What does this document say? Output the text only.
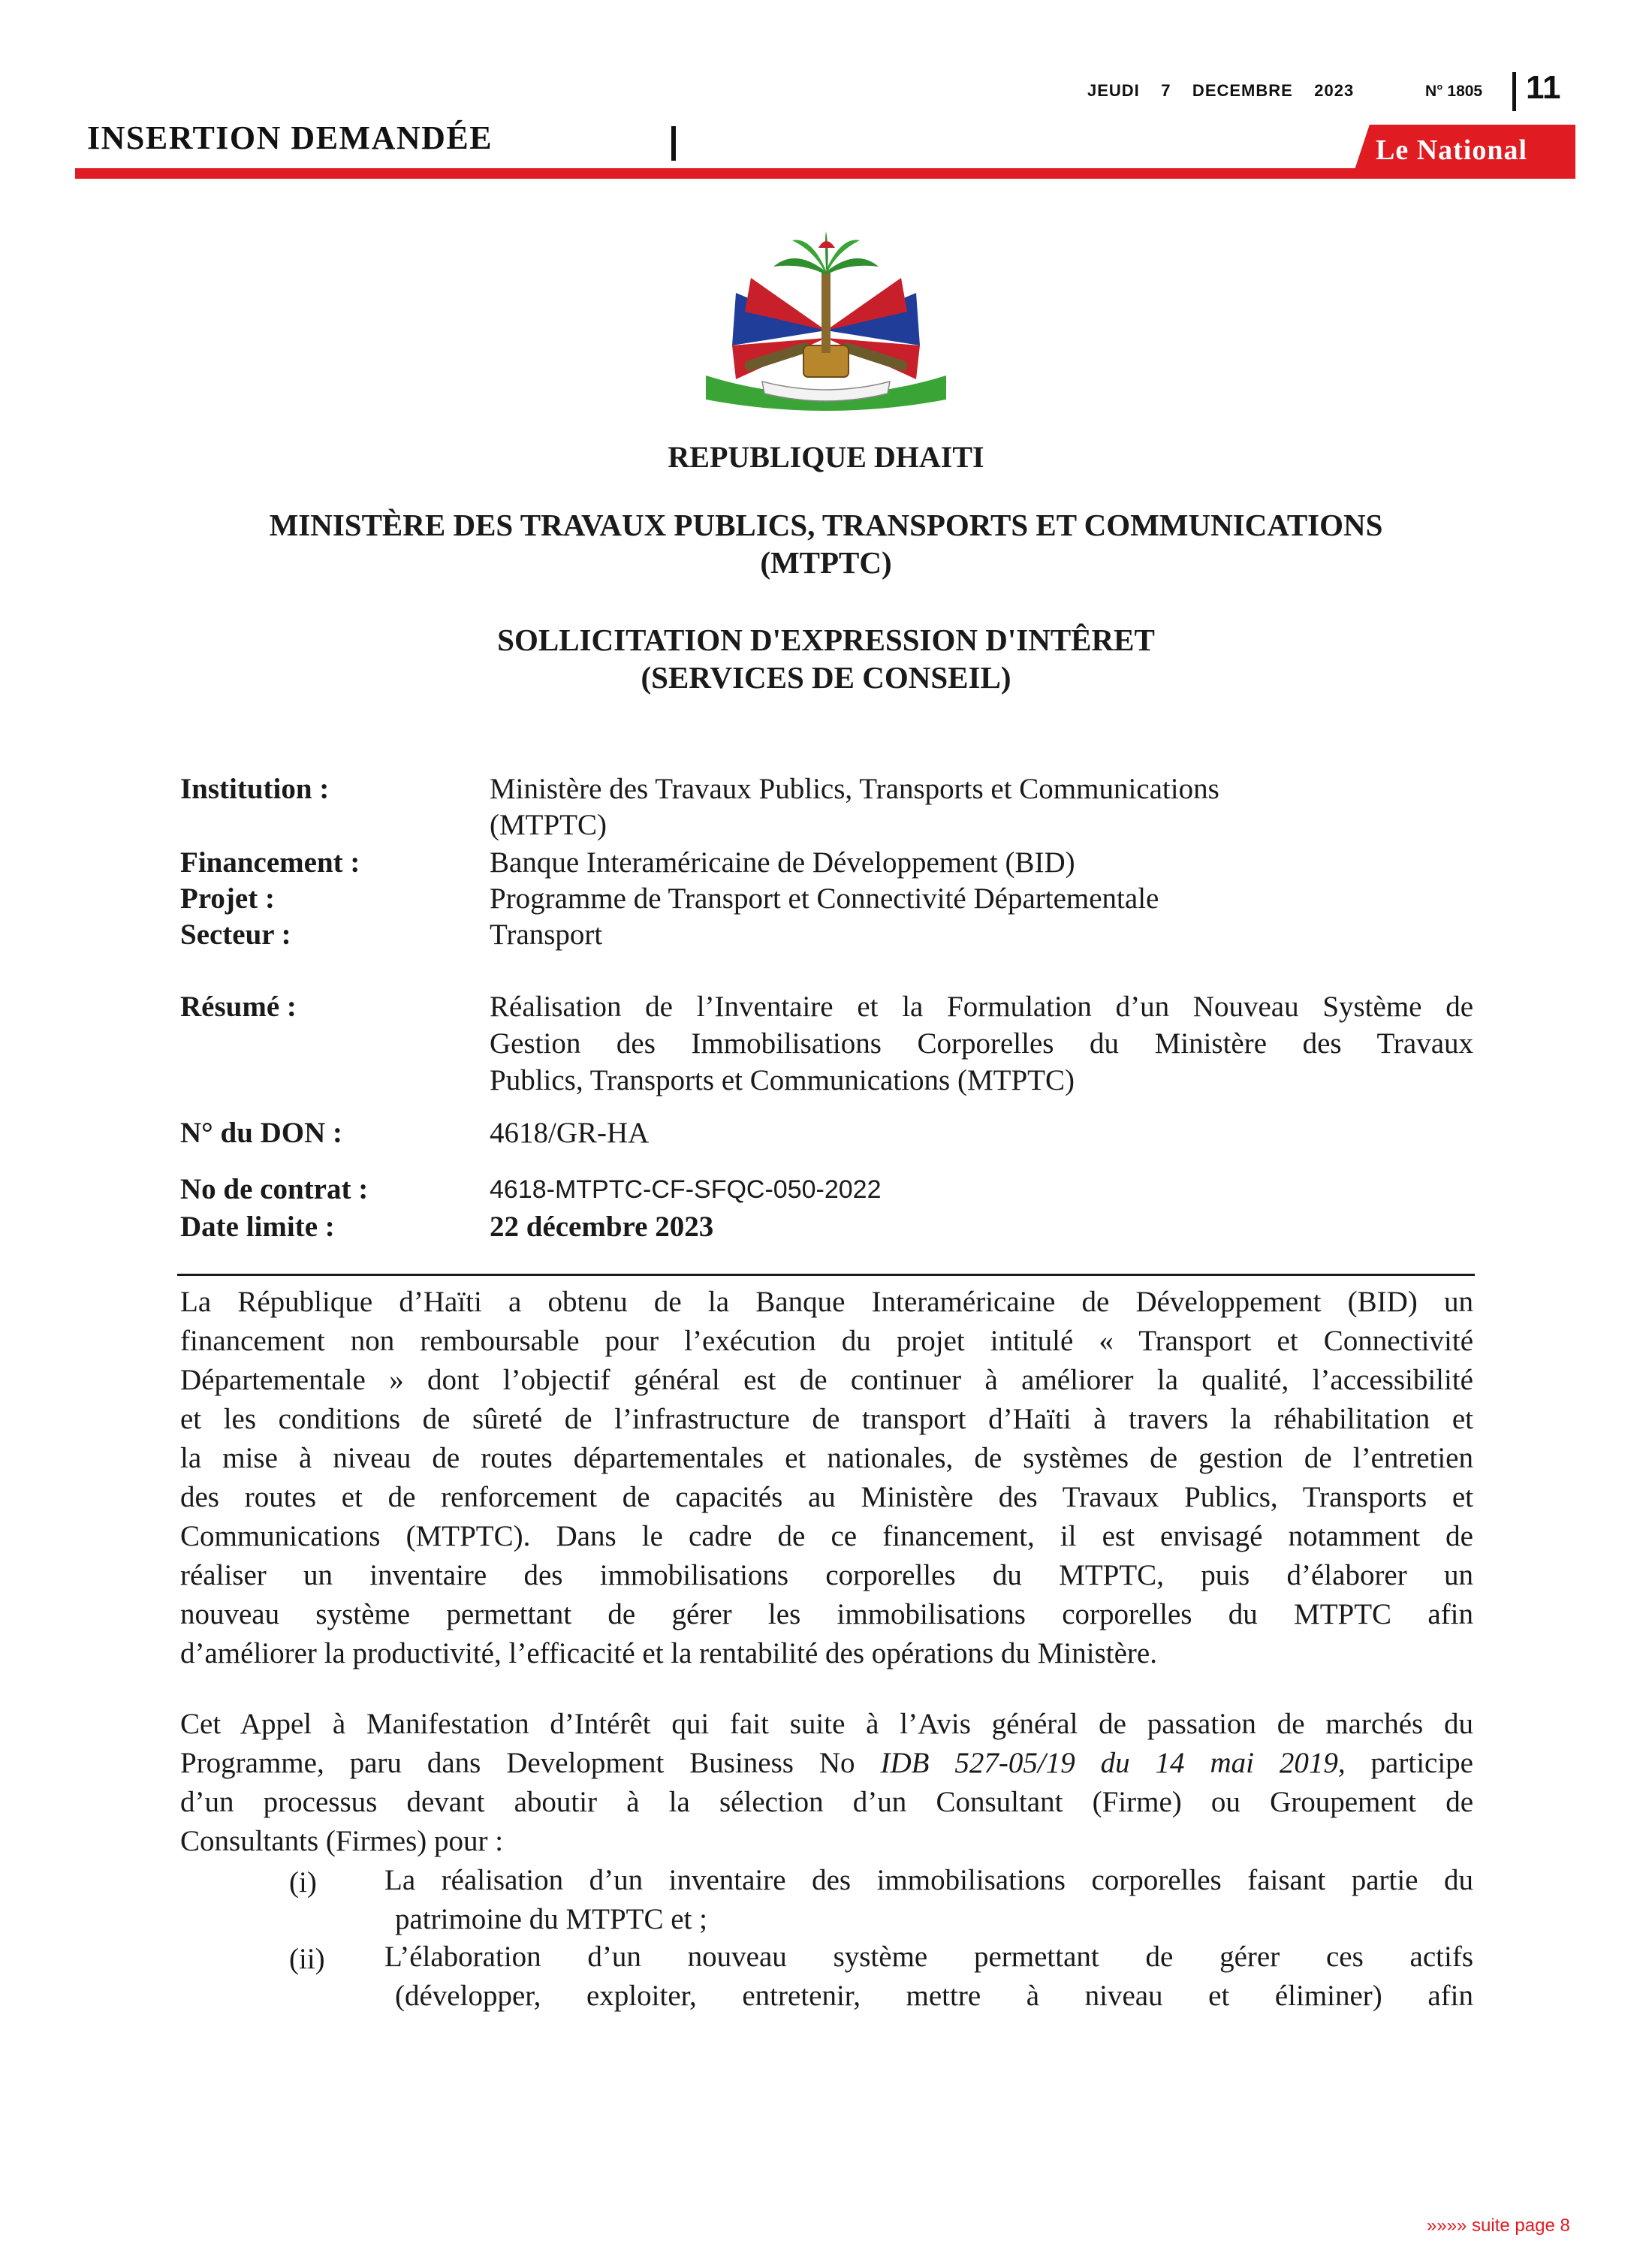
JEUDI    7    DECEMBRE    2023	N° 1805 11
INSERTION DEMANDÉE	Le National
REPUBLIQUE DHAITI
MINISTÈRE DES TRAVAUX PUBLICS, TRANSPORTS ET COMMUNICATIONS
(MTPTC)
SOLLICITATION D'EXPRESSION D'INTÊRET
(SERVICES DE CONSEIL)
Institution :	Ministère des Travaux Publics, Transports et Communications
(MTPTC)
Financement :	Banque Interaméricaine de Développement (BID)
Projet :	Programme de Transport et Connectivité Départementale
Secteur :	Transport
Résumé :	Réalisation de l’Inventaire et la Formulation d’un Nouveau Système de
Gestion des Immobilisations Corporelles du Ministère des Travaux
Publics, Transports et Communications (MTPTC)
N° du DON :	4618/GR-HA
No de contrat :	4618-MTPTC-CF-SFQC-050-2022
Date limite :	22 décembre 2023
La République d’Haïti a obtenu de la Banque Interaméricaine de Développement (BID) un
financement non remboursable pour l’exécution du projet intitulé « Transport et Connectivité
Départementale » dont l’objectif général est de continuer à améliorer la qualité, l’accessibilité
et les conditions de sûreté de l’infrastructure de transport d’Haïti à travers la réhabilitation et
la mise à niveau de routes départementales et nationales, de systèmes de gestion de l’entretien
des routes et de renforcement de capacités au Ministère des Travaux Publics, Transports et
Communications (MTPTC). Dans le cadre de ce financement, il est envisagé notamment de
réaliser un inventaire des immobilisations corporelles du MTPTC, puis d’élaborer un
nouveau système permettant de gérer les immobilisations corporelles du MTPTC afin
d’améliorer la productivité, l’efficacité et la rentabilité des opérations du Ministère.
Cet Appel à Manifestation d’Intérêt qui fait suite à l’Avis général de passation de marchés du
Programme, paru dans Development Business No IDB 527-05/19 du 14 mai 2019, participe
d’un processus devant aboutir à la sélection d’un Consultant (Firme) ou Groupement de
Consultants (Firmes) pour :
(i) La réalisation d’un inventaire des immobilisations corporelles faisant partie du
patrimoine du MTPTC et ;
(ii) L’élaboration d’un nouveau système permettant de gérer ces actifs
(développer, exploiter, entretenir, mettre à niveau et éliminer) afin
»»»» suite page 8
